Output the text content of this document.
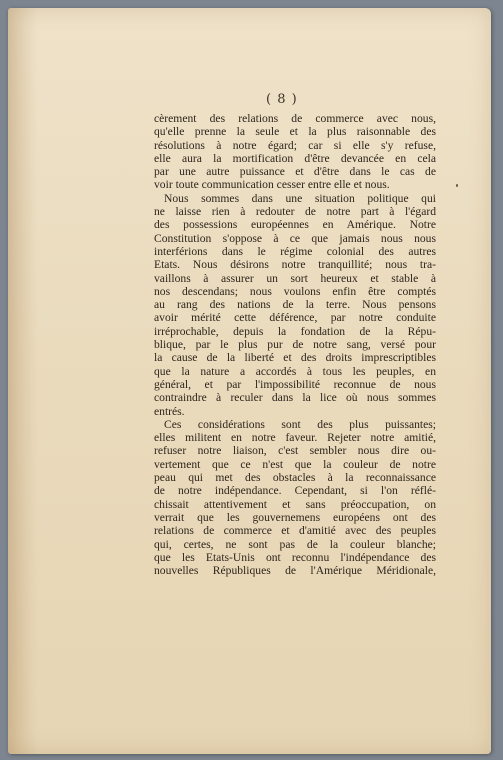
( 8 )
cèrement des relations de commerce avec nous,
qu'elle prenne la seule et la plus raisonnable des
résolutions à notre égard; car si elle s'y refuse,
elle aura la mortification d'être devancée en cela
par une autre puissance et d'être dans le cas de
voir toute communication cesser entre elle et nous.
Nous sommes dans une situation politique qui
ne laisse rien à redouter de notre part à l'égard
des possessions européennes en Amérique. Notre
Constitution s'oppose à ce que jamais nous nous
interférions dans le régime colonial des autres
Etats. Nous désirons notre tranquillité; nous tra-
vaillons à assurer un sort heureux et stable à
nos descendans; nous voulons enfin être comptés
au rang des nations de la terre. Nous pensons
avoir mérité cette déférence, par notre conduite
irréprochable, depuis la fondation de la Répu-
blique, par le plus pur de notre sang, versé pour
la cause de la liberté et des droits imprescriptibles
que la nature a accordés à tous les peuples, en
général, et par l'impossibilité reconnue de nous
contraindre à reculer dans la lice où nous sommes
entrés.
Ces considérations sont des plus puissantes;
elles militent en notre faveur. Rejeter notre amitié,
refuser notre liaison, c'est sembler nous dire ou-
vertement que ce n'est que la couleur de notre
peau qui met des obstacles à la reconnaissance
de notre indépendance. Cependant, si l'on réflé-
chissait attentivement et sans préoccupation, on
verrait que les gouvernemens européens ont des
relations de commerce et d'amitié avec des peuples
qui, certes, ne sont pas de la couleur blanche;
que les Etats-Unis ont reconnu l'indépendance des
nouvelles Républiques de l'Amérique Méridionale,
